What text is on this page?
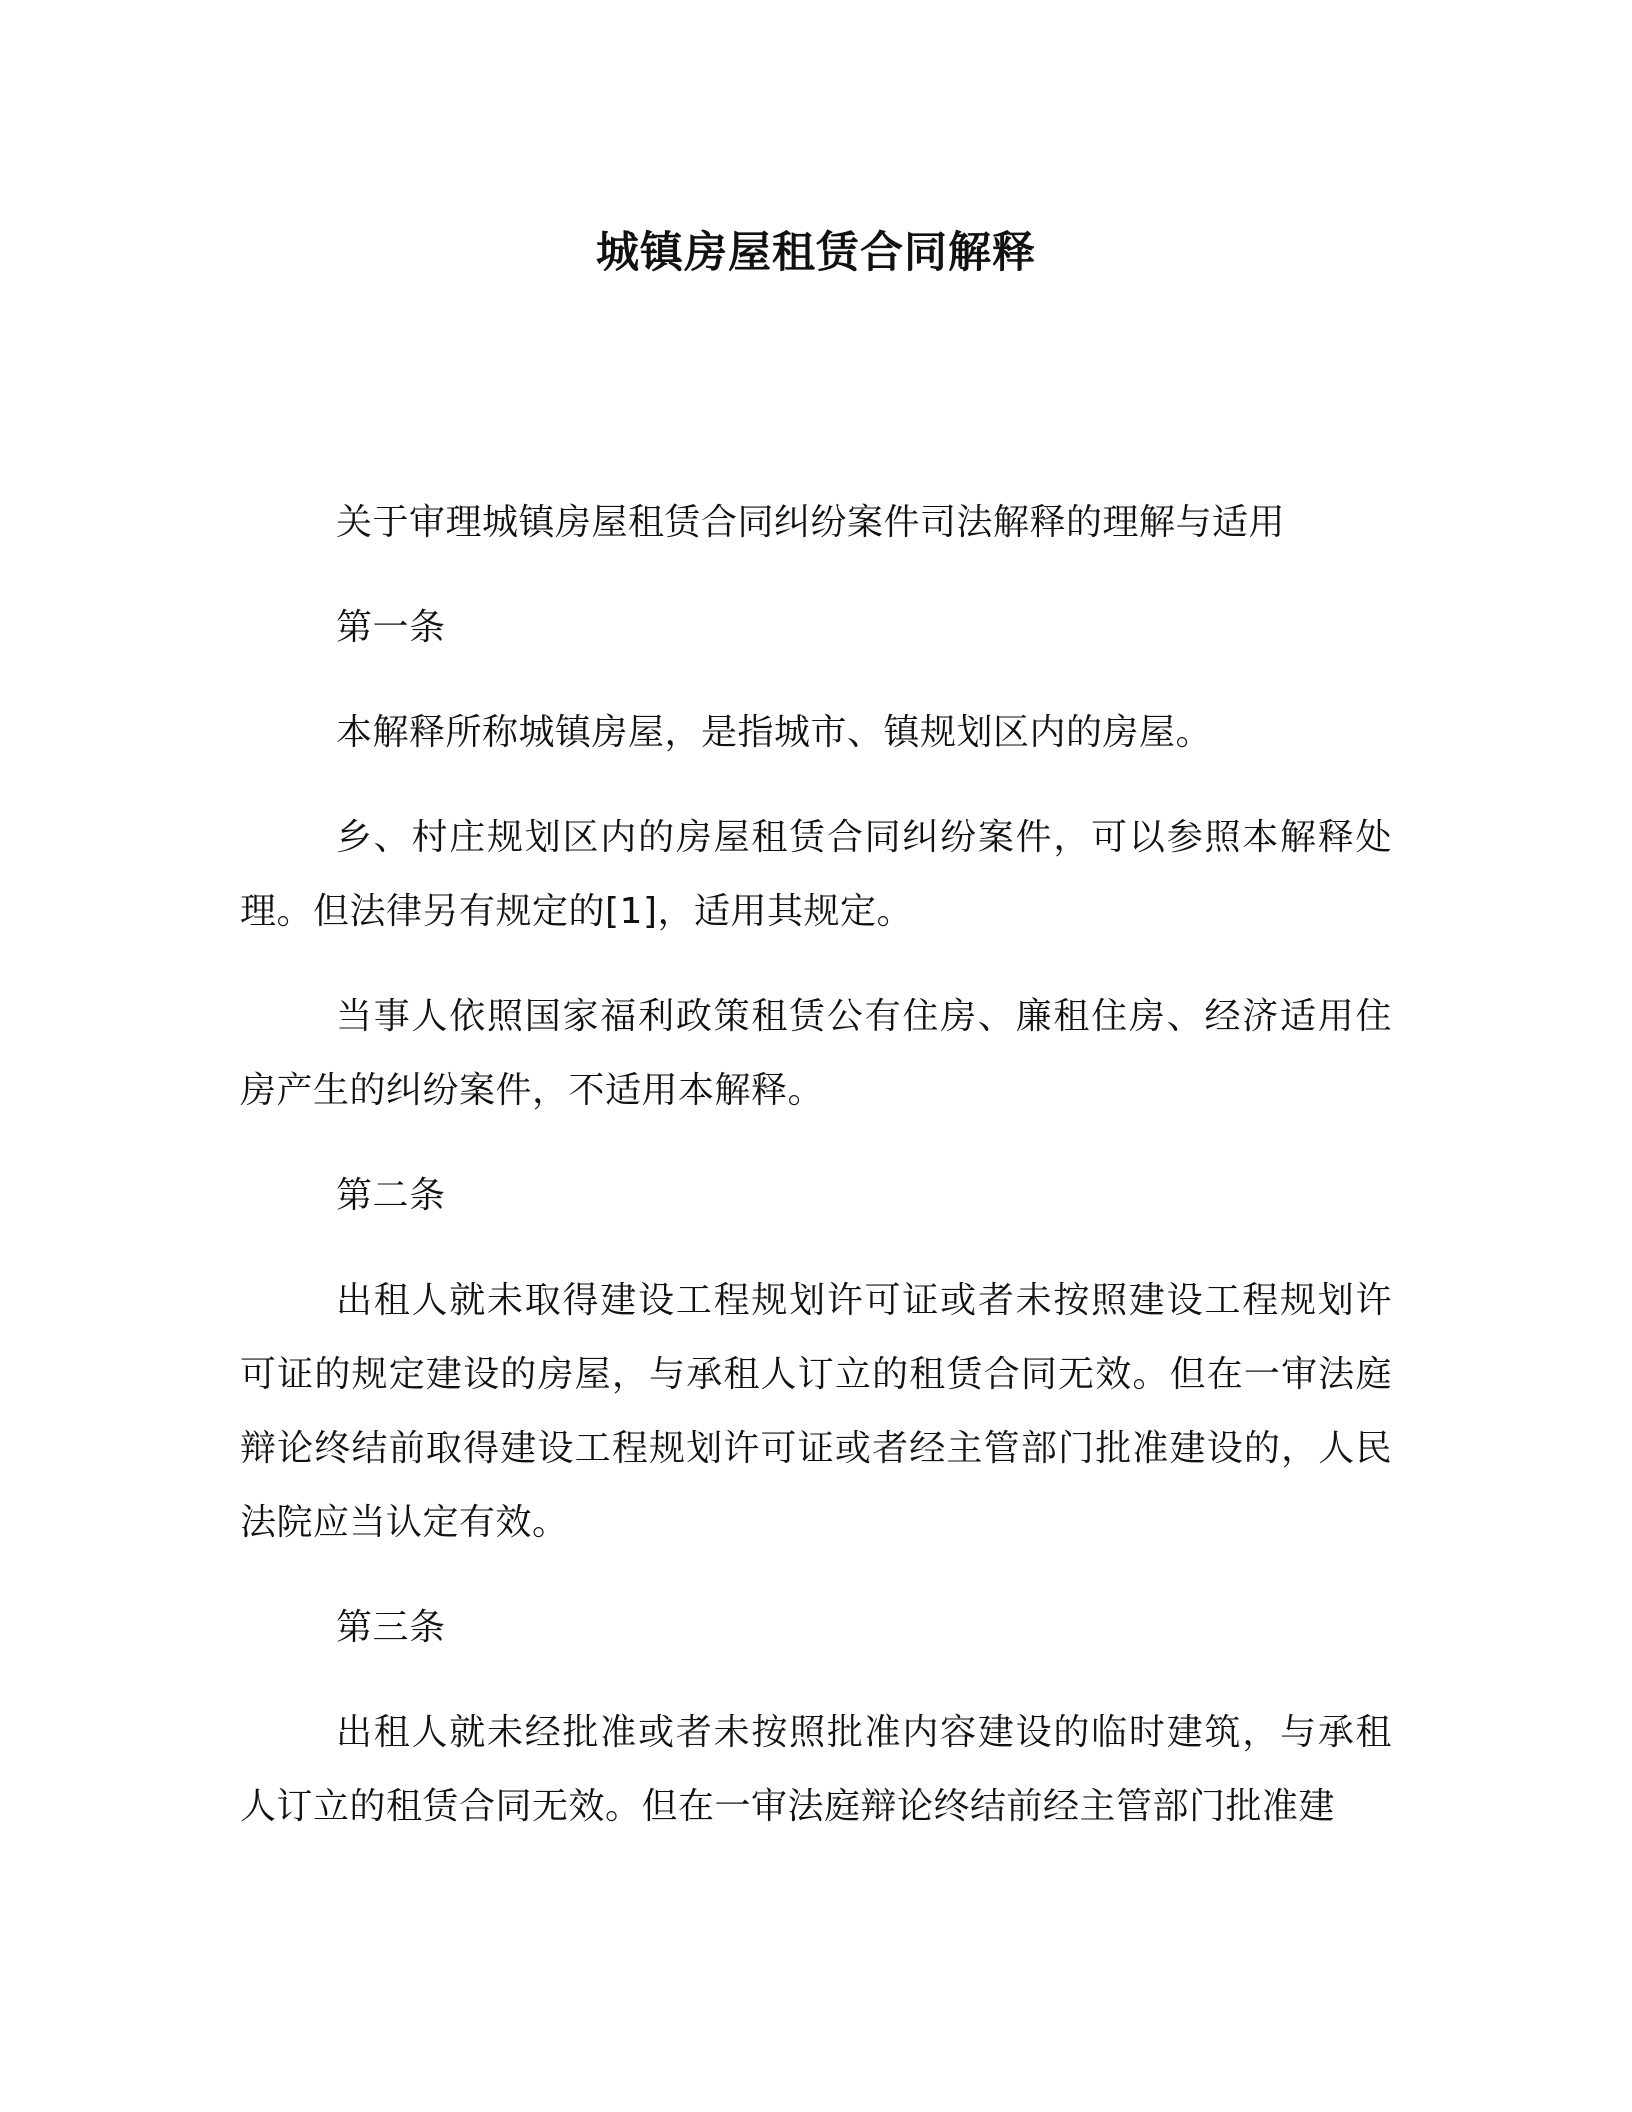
城镇房屋租赁合同解释

关于审理城镇房屋租赁合同纠纷案件司法解释的理解与适用

第一条

本解释所称城镇房屋，是指城市、镇规划区内的房屋。

乡、村庄规划区内的房屋租赁合同纠纷案件，可以参照本解释处理。但法律另有规定的[1]，适用其规定。

当事人依照国家福利政策租赁公有住房、廉租住房、经济适用住房产生的纠纷案件，不适用本解释。

第二条

出租人就未取得建设工程规划许可证或者未按照建设工程规划许可证的规定建设的房屋，与承租人订立的租赁合同无效。但在一审法庭辩论终结前取得建设工程规划许可证或者经主管部门批准建设的，人民法院应当认定有效。

第三条

出租人就未经批准或者未按照批准内容建设的临时建筑，与承租人订立的租赁合同无效。但在一审法庭辩论终结前经主管部门批准建
